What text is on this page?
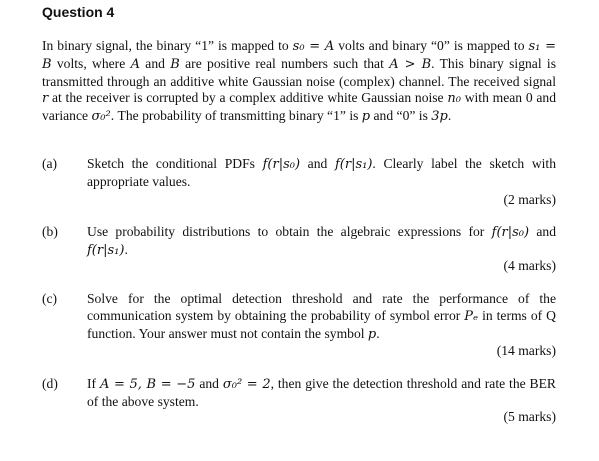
Question 4

In binary signal, the binary “1” is mapped to s₀ = A volts and binary “0” is mapped to s₁ = B volts, where A and B are positive real numbers such that A > B. This binary signal is transmitted through an additive white Gaussian noise (complex) channel. The received signal r at the receiver is corrupted by a complex additive white Gaussian noise n₀ with mean 0 and variance σ₀². The probability of transmitting binary “1” is p and “0” is 3p.

(a) Sketch the conditional PDFs f(r|s₀) and f(r|s₁). Clearly label the sketch with appropriate values.

(2 marks)
(b) Use probability distributions to obtain the algebraic expressions for f(r|s₀) and f(r|s₁).

(4 marks)
(c) Solve for the optimal detection threshold and rate the performance of the communication system by obtaining the probability of symbol error Pₑ in terms of Q function. Your answer must not contain the symbol p.

(14 marks)
(d) If A = 5, B = −5 and σ₀² = 2, then give the detection threshold and rate the BER of the above system.

(5 marks)
